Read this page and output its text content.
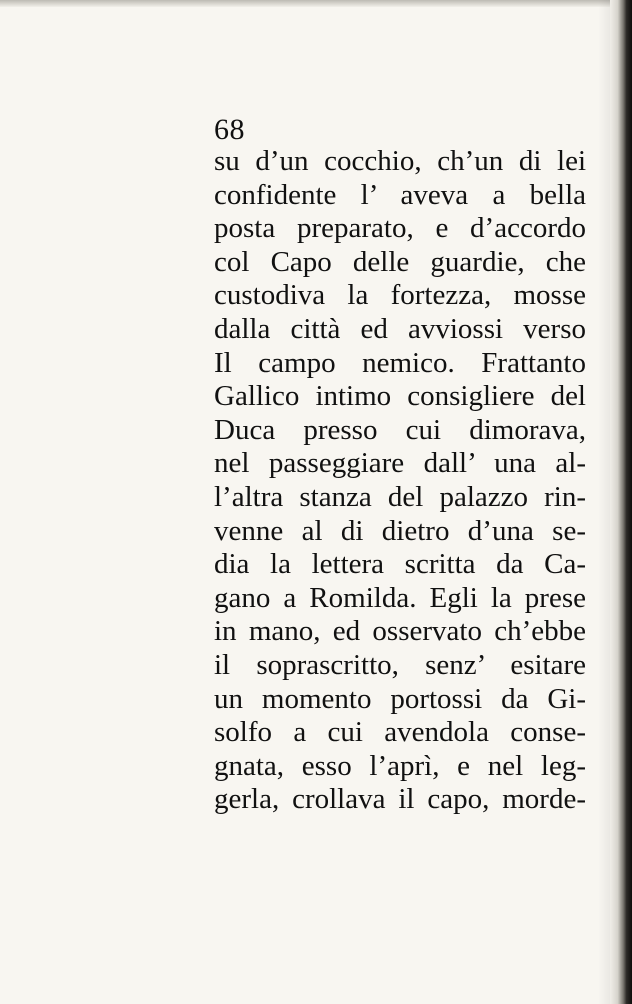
68

su d’un cocchio, ch’un di lei
confidente l’ aveva a bella
posta preparato, e d’accordo
col Capo delle guardie, che
custodiva la fortezza, mosse
dalla città ed avviossi verso
Il campo nemico. Frattanto
Gallico intimo consigliere del
Duca presso cui dimorava,
nel passeggiare dall’ una al-
l’altra stanza del palazzo rin-
venne al di dietro d’una se-
dia la lettera scritta da Ca-
gano a Romilda. Egli la prese
in mano, ed osservato ch’ebbe
il soprascritto, senz’ esitare
un momento portossi da Gi-
solfo a cui avendola conse-
gnata, esso l’aprì, e nel leg-
gerla, crollava il capo, morde-
